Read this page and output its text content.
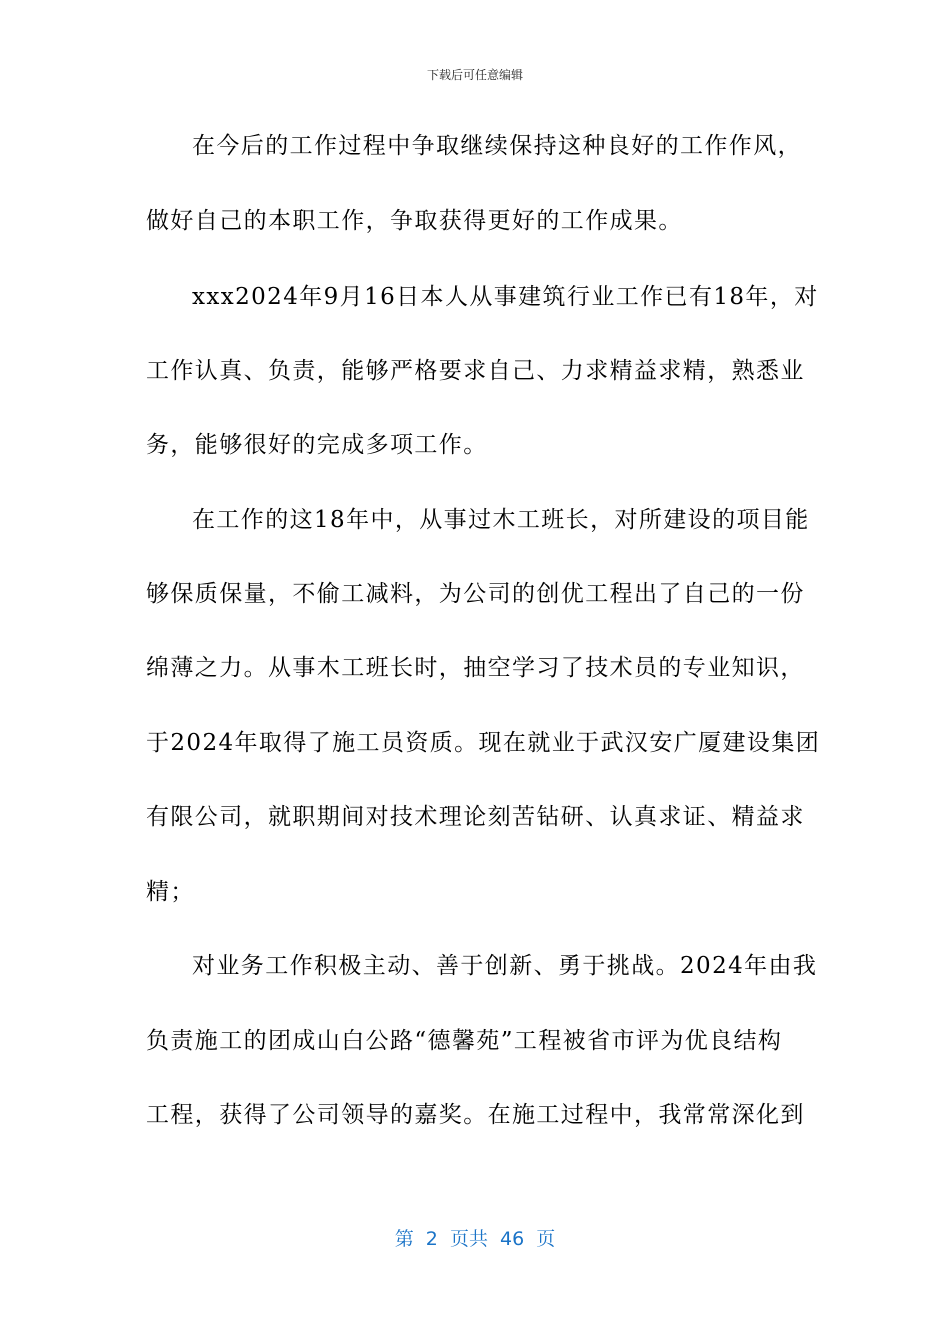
下载后可任意编辑
在今后的工作过程中争取继续保持这种良好的工作作风，
做好自己的本职工作，争取获得更好的工作成果。
xxx2024年9月16日本人从事建筑行业工作已有18年，对
工作认真、负责，能够严格要求自己、力求精益求精，熟悉业
务，能够很好的完成多项工作。
在工作的这18年中，从事过木工班长，对所建设的项目能
够保质保量，不偷工减料，为公司的创优工程出了自己的一份
绵薄之力。从事木工班长时，抽空学习了技术员的专业知识，
于2024年取得了施工员资质。现在就业于武汉安广厦建设集团
有限公司，就职期间对技术理论刻苦钻研、认真求证、精益求
精；
对业务工作积极主动、善于创新、勇于挑战。2024年由我
负责施工的团成山白公路“德馨苑”工程被省市评为优良结构
工程，获得了公司领导的嘉奖。在施工过程中，我常常深化到
第  2  页共  46  页
